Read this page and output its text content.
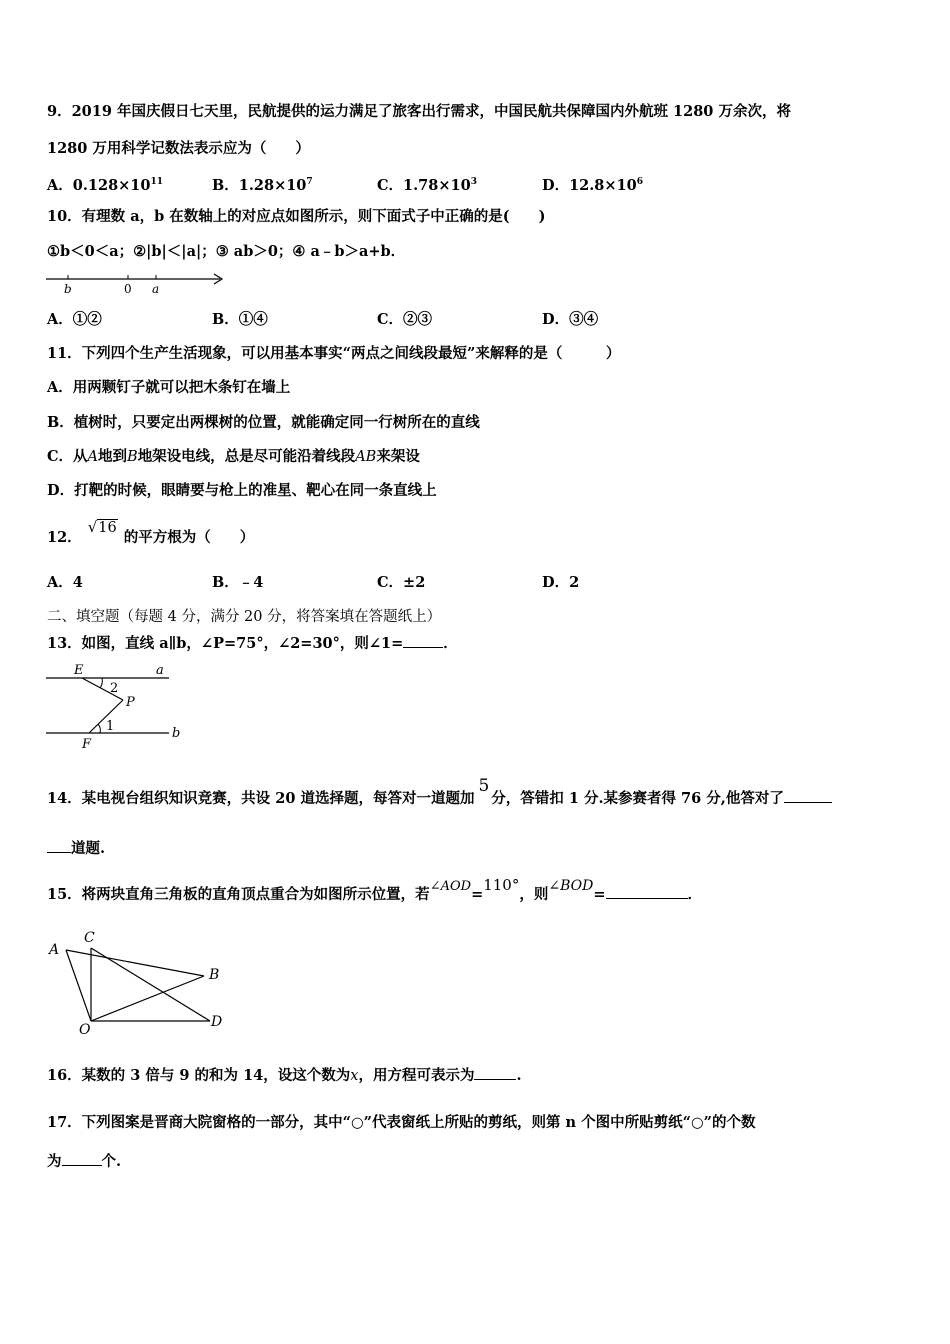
9．2019 年国庆假日七天里，民航提供的运力满足了旅客出行需求，中国民航共保障国内外航班 1280 万余次，将
1280 万用科学记数法表示应为（　　）
A．$0.128\times 10^{11}$	B．$1.28\times 10^7$	C．$1.78\times 10^3$	D．$12.8\times 10^6$
10．有理数 a，b 在数轴上的对应点如图所示，则下面式子中正确的是(　　)
①b＜0＜a；②|b|＜|a|；③ ab＞0；④ a﹣b＞a+b．
b	0 a
A．①②	B．①④	C．②③	D．③④
11．下列四个生产生活现象，可以用基本事实“两点之间线段最短”来解释的是（　　　）
A．用两颗钉子就可以把木条钉在墙上
B．植树时，只要定出两棵树的位置，就能确定同一行树所在的直线
C．从A地到B地架设电线，总是尽可能沿着线段AB来架设
D．打靶的时候，眼睛要与枪上的准星、靶心在同一条直线上
12．√16的平方根为（　　）
A．4	B．﹣4	C．±2	D．2
二、填空题（每题 4 分，满分 20 分，将答案填在答题纸上）
13．如图，直线 a∥b，∠P=75°，∠2=30°，则∠1=	．
E	a
2
P
1
F
b
14．某电视台组织知识竞赛，共设 20 道选择题，每答对一道题加5分，答错扣 1 分.某参赛者得 76 分,他答对了
道题.
15．将两块直角三角板的直角顶点重合为如图所示位置，若∠AOD=110°，则∠BOD=	．
A
C
B
O	D
16．某数的 3 倍与 9 的和为 14，设这个数为x，用方程可表示为	.
17．下列图案是晋商大院窗格的一部分，其中“○”代表窗纸上所贴的剪纸，则第 n 个图中所贴剪纸“○”的个数
为	个.
